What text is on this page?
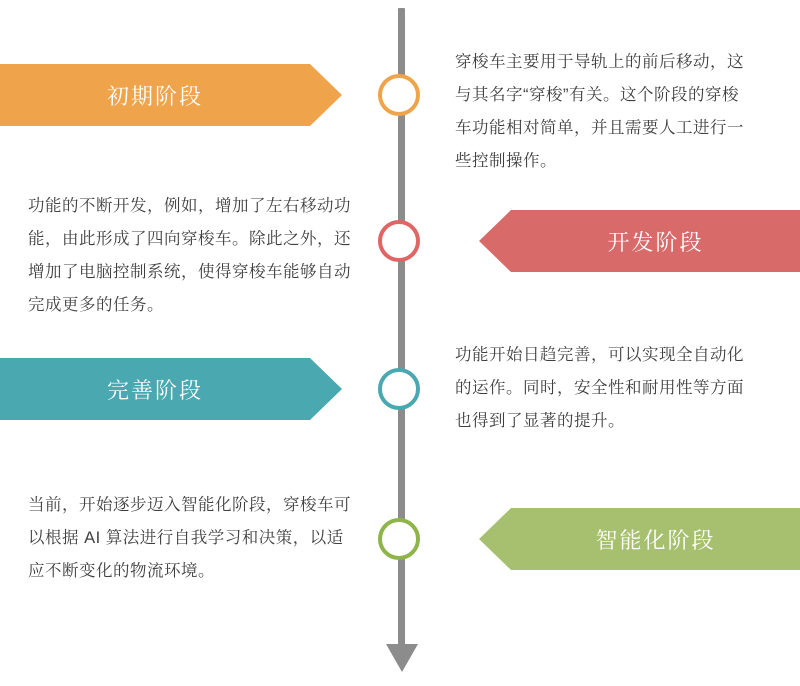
初期阶段
穿梭车主要用于导轨上的前后移动，这与其名字“穿梭”有关。这个阶段的穿梭车功能相对简单，并且需要人工进行一些控制操作。
开发阶段
功能的不断开发，例如，增加了左右移动功能，由此形成了四向穿梭车。除此之外，还增加了电脑控制系统，使得穿梭车能够自动完成更多的任务。
完善阶段
功能开始日趋完善，可以实现全自动化的运作。同时，安全性和耐用性等方面也得到了显著的提升。
智能化阶段
当前，开始逐步迈入智能化阶段，穿梭车可以根据 AI 算法进行自我学习和决策，以适应不断变化的物流环境。
